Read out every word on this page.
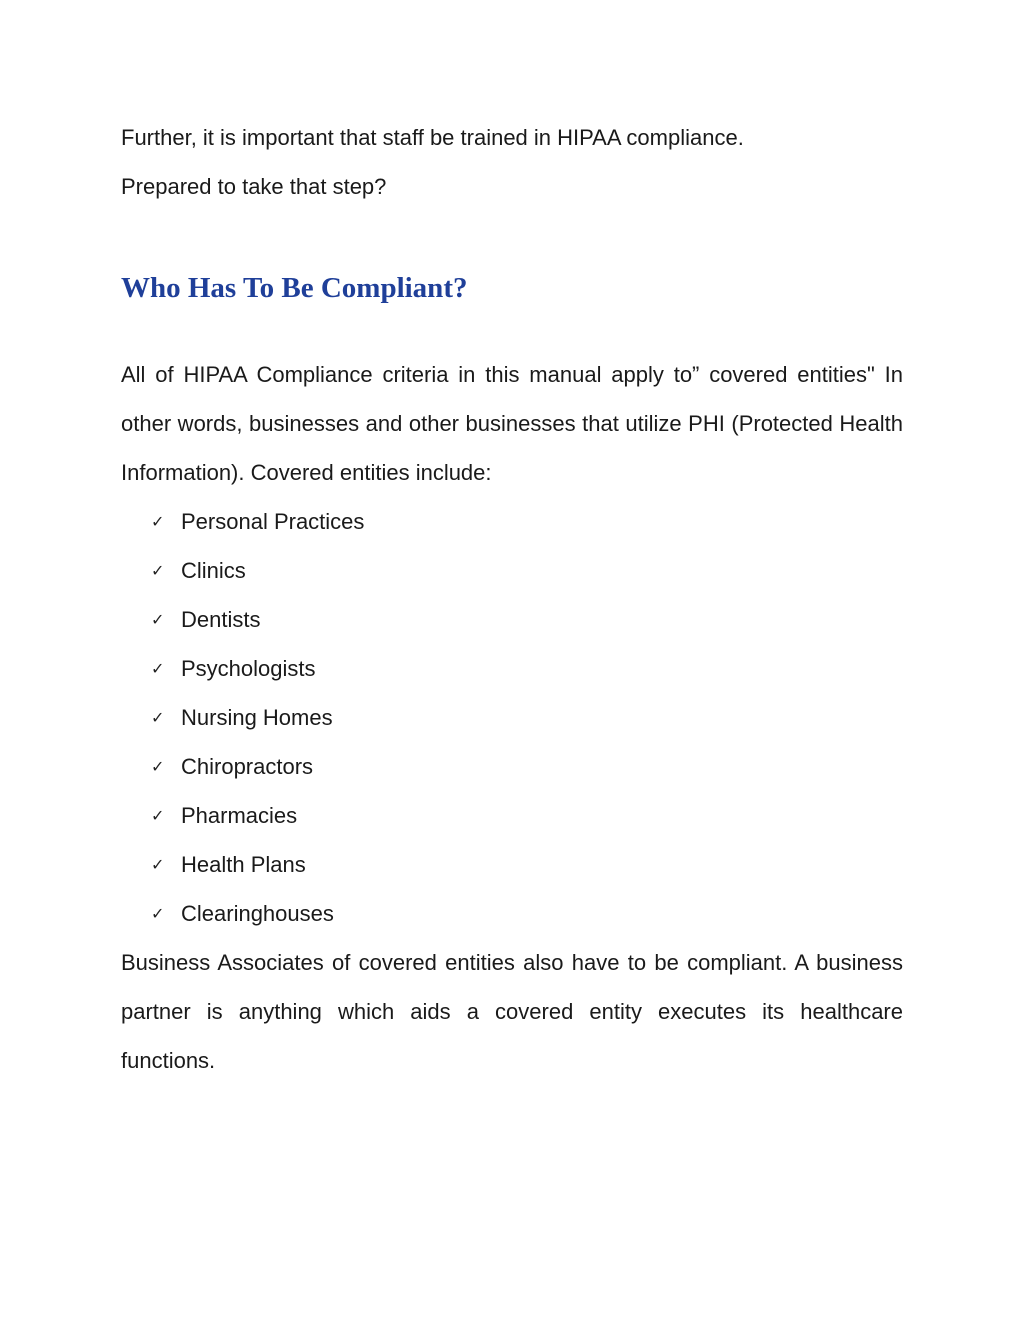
Further, it is important that staff be trained in HIPAA compliance.

Prepared to take that step?

Who Has To Be Compliant?

All of HIPAA Compliance criteria in this manual apply to” covered entities" In other words, businesses and other businesses that utilize PHI (Protected Health Information). Covered entities include:

✓ Personal Practices
✓ Clinics
✓ Dentists
✓ Psychologists
✓ Nursing Homes
✓ Chiropractors
✓ Pharmacies
✓ Health Plans
✓ Clearinghouses

Business Associates of covered entities also have to be compliant. A business partner is anything which aids a covered entity executes its healthcare functions.
